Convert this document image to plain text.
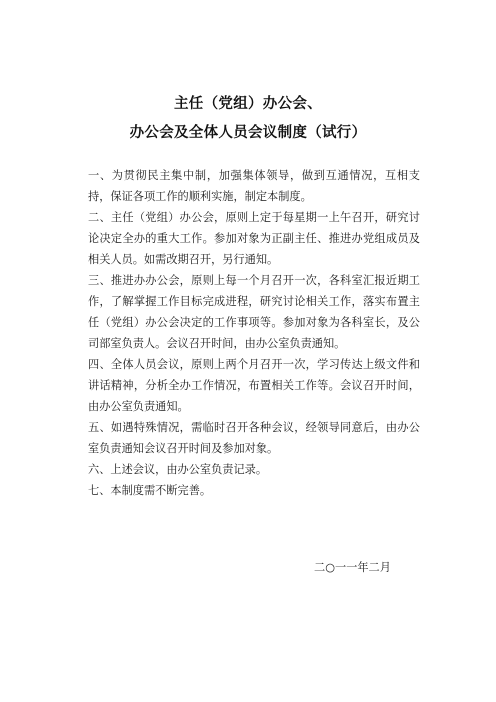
主任（党组）办公会、
办公会及全体人员会议制度（试行）

一、为贯彻民主集中制，加强集体领导，做到互通情况，互相支持，保证各项工作的顺利实施，制定本制度。

二、主任（党组）办公会，原则上定于每星期一上午召开，研究讨论决定全办的重大工作。参加对象为正副主任、推进办党组成员及相关人员。如需改期召开，另行通知。

三、推进办办公会，原则上每一个月召开一次，各科室汇报近期工作，了解掌握工作目标完成进程，研究讨论相关工作，落实布置主任（党组）办公会决定的工作事项等。参加对象为各科室长，及公司部室负责人。会议召开时间，由办公室负责通知。

四、全体人员会议，原则上两个月召开一次，学习传达上级文件和讲话精神，分析全办工作情况，布置相关工作等。会议召开时间，由办公室负责通知。

五、如遇特殊情况，需临时召开各种会议，经领导同意后，由办公室负责通知会议召开时间及参加对象。

六、上述会议，由办公室负责记录。

七、本制度需不断完善。

二○一一年二月
